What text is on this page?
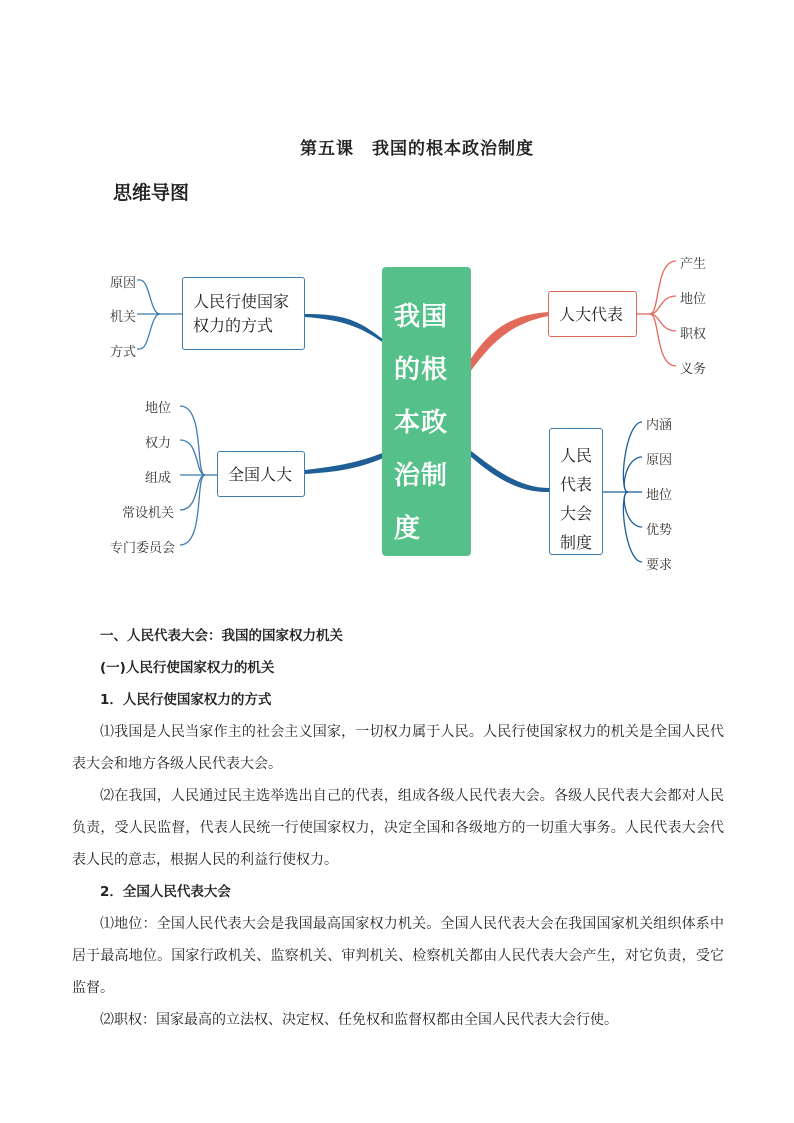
第五课　我国的根本政治制度
思维导图
我国
的根
本政
治制
度
人民行使国家
权力的方式
原因
机关
方式
全国人大
地位
权力
组成
常设机关
专门委员会
人大代表
产生
地位
职权
义务
人民
代表
大会
制度
内涵
原因
地位
优势
要求

一、人民代表大会：我国的国家权力机关

(一)人民行使国家权力的机关

1．人民行使国家权力的方式

⑴我国是人民当家作主的社会主义国家，一切权力属于人民。人民行使国家权力的机关是全国人民代表大会和地方各级人民代表大会。

⑵在我国，人民通过民主选举选出自己的代表，组成各级人民代表大会。各级人民代表大会都对人民负责，受人民监督，代表人民统一行使国家权力，决定全国和各级地方的一切重大事务。人民代表大会代表人民的意志，根据人民的利益行使权力。

2．全国人民代表大会

⑴地位：全国人民代表大会是我国最高国家权力机关。全国人民代表大会在我国国家机关组织体系中居于最高地位。国家行政机关、监察机关、审判机关、检察机关都由人民代表大会产生，对它负责，受它监督。

⑵职权：国家最高的立法权、决定权、任免权和监督权都由全国人民代表大会行使。
